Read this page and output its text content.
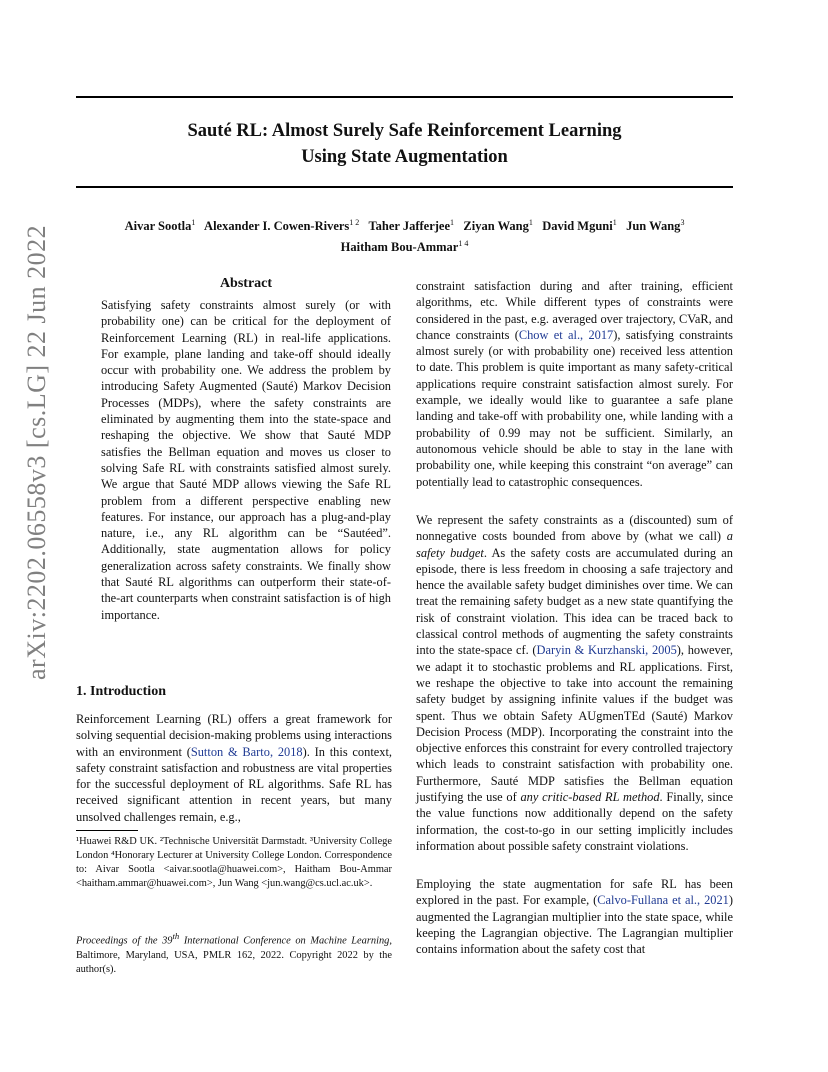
Sauté RL: Almost Surely Safe Reinforcement Learning
Using State Augmentation
Aivar Sootla$^1$ Alexander I. Cowen-Rivers$^{1 2}$ Taher Jafferjee$^1$ Ziyan Wang$^1$ David Mguni$^1$ Jun Wang$^3$
Haitham Bou-Ammar$^{1 4}$
arXiv:2202.06558v3 [cs.LG] 22 Jun 2022	Abstract
Satisfying safety constraints almost surely (or with probability one) can be critical for the deployment of Reinforcement Learning (RL) in real-life applications. For example, plane landing and take-off should ideally occur with probability one. We address the problem by introducing Safety Augmented (Sauté) Markov Decision Processes (MDPs), where the safety constraints are eliminated by augmenting them into the state-space and reshaping the objective. We show that Sauté MDP satisfies the Bellman equation and moves us closer to solving Safe RL with constraints satisfied almost surely. We argue that Sauté MDP allows viewing the Safe RL problem from a different perspective enabling new features. For instance, our approach has a plug-and-play nature, i.e., any RL algorithm can be “Sautéed”. Additionally, state augmentation allows for policy generalization across safety constraints. We finally show that Sauté RL algorithms can outperform their state-of-the-art counterparts when constraint satisfaction is of high importance.
1. Introduction
Reinforcement Learning (RL) offers a great framework for solving sequential decision-making problems using interactions with an environment (Sutton & Barto, 2018). In this context, safety constraint satisfaction and robustness are vital properties for the successful deployment of RL algorithms. Safe RL has received significant attention in recent years, but many unsolved challenges remain, e.g.,
¹Huawei R&D UK. ²Technische Universität Darmstadt. ³University College London ⁴Honorary Lecturer at University College London. Correspondence to: Aivar Sootla <aivar.sootla@huawei.com>, Haitham Bou-Ammar <haitham.ammar@huawei.com>, Jun Wang <jun.wang@cs.ucl.ac.uk>.
Proceedings of the 39th International Conference on Machine Learning, Baltimore, Maryland, USA, PMLR 162, 2022. Copyright 2022 by the author(s).
constraint satisfaction during and after training, efficient algorithms, etc. While different types of constraints were considered in the past, e.g. averaged over trajectory, CVaR, and chance constraints (Chow et al., 2017), satisfying constraints almost surely (or with probability one) received less attention to date. This problem is quite important as many safety-critical applications require constraint satisfaction almost surely. For example, we ideally would like to guarantee a safe plane landing and take-off with probability one, while landing with a probability of 0.99 may not be sufficient. Similarly, an autonomous vehicle should be able to stay in the lane with probability one, while keeping this constraint “on average” can potentially lead to catastrophic consequences.
We represent the safety constraints as a (discounted) sum of nonnegative costs bounded from above by (what we call) a safety budget. As the safety costs are accumulated during an episode, there is less freedom in choosing a safe trajectory and hence the available safety budget diminishes over time. We can treat the remaining safety budget as a new state quantifying the risk of constraint violation. This idea can be traced back to classical control methods of augmenting the safety constraints into the state-space cf. (Daryin & Kurzhanski, 2005), however, we adapt it to stochastic problems and RL applications. First, we reshape the objective to take into account the remaining safety budget by assigning infinite values if the budget was spent. Thus we obtain Safety AUgmenTEd (Sauté) Markov Decision Process (MDP). Incorporating the constraint into the objective enforces this constraint for every controlled trajectory which leads to constraint satisfaction with probability one. Furthermore, Sauté MDP satisfies the Bellman equation justifying the use of any critic-based RL method. Finally, since the value functions now additionally depend on the safety information, the cost-to-go in our setting implicitly includes information about possible safety constraint violations.
Employing the state augmentation for safe RL has been explored in the past. For example, (Calvo-Fullana et al., 2021) augmented the Lagrangian multiplier into the state space, while keeping the Lagrangian objective. The Lagrangian multiplier contains information about the safety cost that
